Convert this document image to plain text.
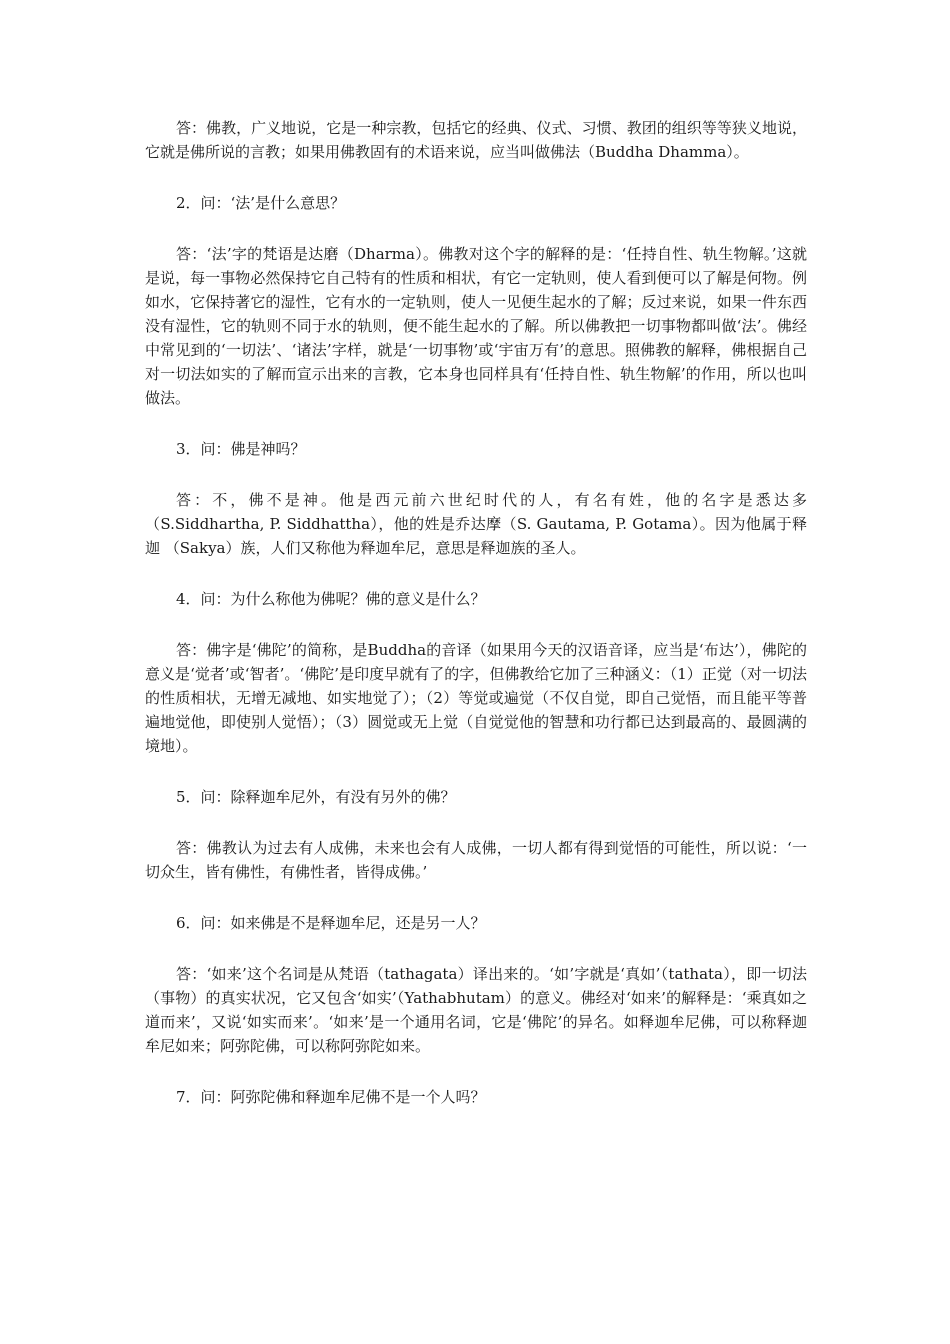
答：佛教，广义地说，它是一种宗教，包括它的经典、仪式、习惯、教团的组织等等狭义地说，它就是佛所说的言教；如果用佛教固有的术语来说，应当叫做佛法（Buddha Dhamma）。

2．问：‘法’是什么意思？

答：‘法’字的梵语是达磨（Dharma）。佛教对这个字的解释的是：‘任持自性、轨生物解。’这就是说，每一事物必然保持它自己特有的性质和相状，有它一定轨则，使人看到便可以了解是何物。例如水，它保持著它的湿性，它有水的一定轨则，使人一见便生起水的了解；反过来说，如果一件东西没有湿性，它的轨则不同于水的轨则，便不能生起水的了解。所以佛教把一切事物都叫做‘法’。佛经中常见到的‘一切法’、‘诸法’字样，就是‘一切事物’或‘宇宙万有’的意思。照佛教的解释，佛根据自己对一切法如实的了解而宣示出来的言教，它本身也同样具有‘任持自性、轨生物解’的作用，所以也叫做法。

3．问：佛是神吗？

答：不，佛不是神。他是西元前六世纪时代的人，有名有姓，他的名字是悉达多（S.Siddhartha, P. Siddhattha），他的姓是乔达摩（S. Gautama, P. Gotama）。因为他属于释迦 （Sakya）族，人们又称他为释迦牟尼，意思是释迦族的圣人。

4．问：为什么称他为佛呢？佛的意义是什么？

答：佛字是‘佛陀’的简称，是Buddha的音译（如果用今天的汉语音译，应当是‘布达’），佛陀的意义是‘觉者’或‘智者’。‘佛陀’是印度早就有了的字，但佛教给它加了三种涵义：（1）正觉（对一切法的性质相状，无增无减地、如实地觉了）；（2）等觉或遍觉（不仅自觉，即自己觉悟，而且能平等普遍地觉他，即使别人觉悟）；（3）圆觉或无上觉（自觉觉他的智慧和功行都已达到最高的、最圆满的境地）。

5．问：除释迦牟尼外，有没有另外的佛？

答：佛教认为过去有人成佛，未来也会有人成佛，一切人都有得到觉悟的可能性，所以说：‘一切众生，皆有佛性，有佛性者，皆得成佛。’

6．问：如来佛是不是释迦牟尼，还是另一人？

答：‘如来’这个名词是从梵语（tathagata）译出来的。‘如’字就是‘真如’（tathata），即一切法（事物）的真实状况，它又包含‘如实’（Yathabhutam）的意义。佛经对‘如来’的解释是：‘乘真如之道而来’，又说‘如实而来’。‘如来’是一个通用名词，它是‘佛陀’的异名。如释迦牟尼佛，可以称释迦牟尼如来；阿弥陀佛，可以称阿弥陀如来。

7．问：阿弥陀佛和释迦牟尼佛不是一个人吗？
